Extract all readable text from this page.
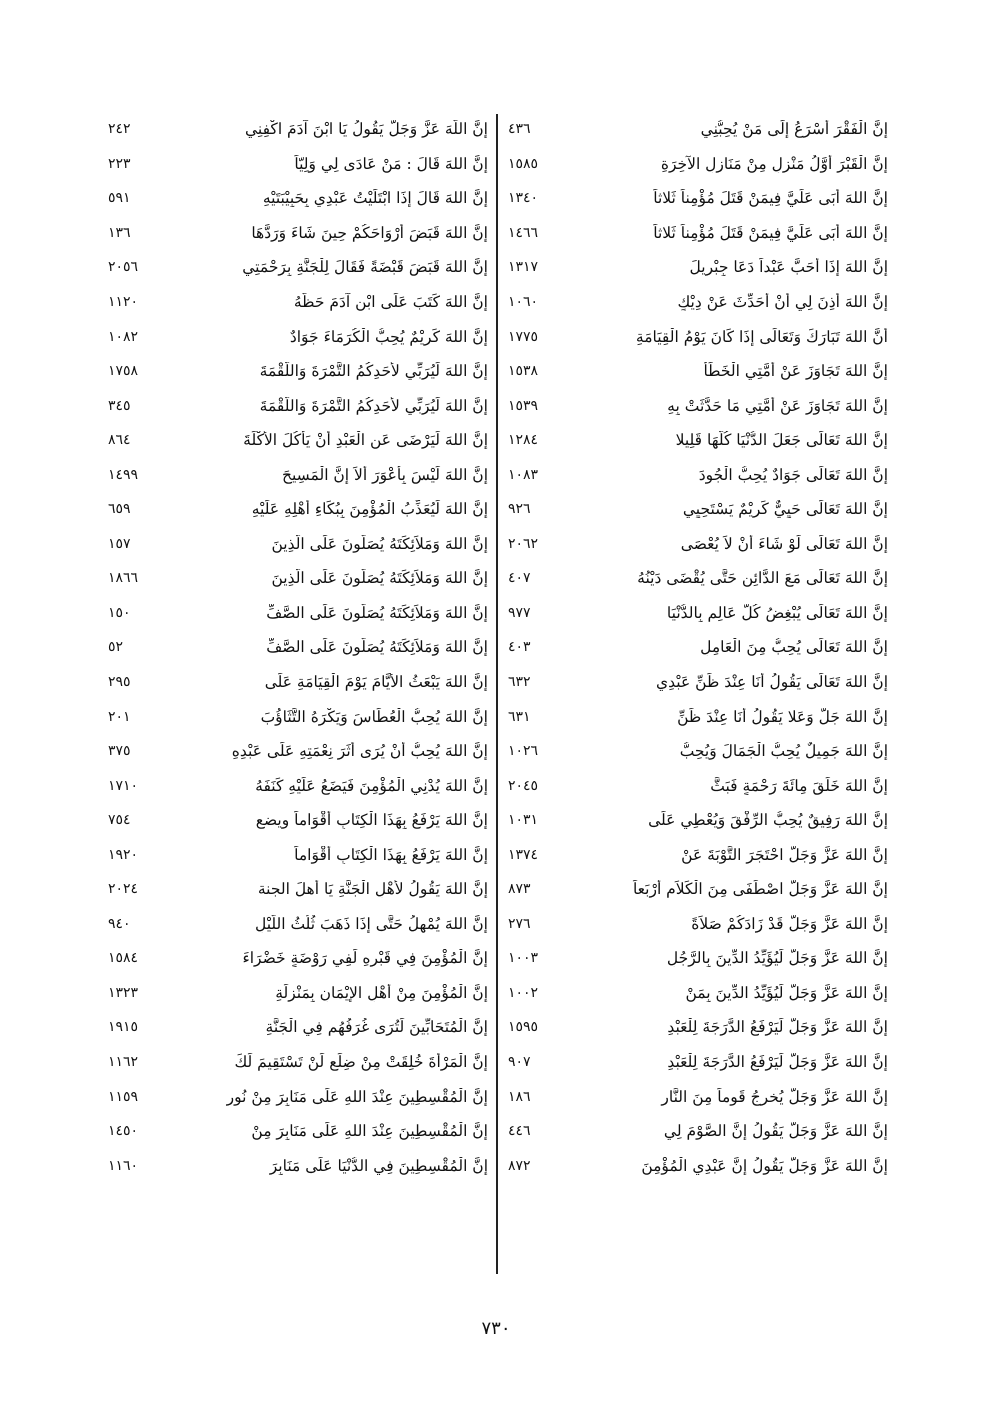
إنَّ الْفَقْرَ أَسْرَعُ إِلَى مَنْ يُحِبُّنِي
٤٣٦
إنَّ الْقَبْرَ أَوَّلُ مَنْزِلٍ مِنْ مَنَازِلِ الآخِرَةِ
١٥٨٥
إنَّ اللهَ أَبَى عَلَيَّ فِيمَنْ قَتَلَ مُؤْمِناً ثَلاثاً
١٣٤٠
إنَّ اللهَ أَبَى عَلَيَّ فِيمَنْ قَتَلَ مُؤْمِناً ثَلاثاً
١٤٦٦
إنَّ اللهَ إِذَا أَحَبَّ عَبْداً دَعَا جِبْرِيلَ
١٣١٧
إنَّ اللهَ أَذِنَ لِي أَنْ أُحَدِّثَ عَنْ دِيْكٍ
١٠٦٠
أَنَّ اللهَ تَبَارَكَ وَتَعَالَى إِذَا كَانَ يَوْمُ الْقِيَامَةِ
١٧٧٥
إنَّ اللهَ تَجَاوَزَ عَنْ أُمَّتِي الْخَطَأَ
١٥٣٨
إنَّ اللهَ تَجَاوَزَ عَنْ أُمَّتِي مَا حَدَّثَتْ بِهِ
١٥٣٩
إنَّ اللهَ تَعَالَى جَعَلَ الدُّنْيَا كُلَّهَا قَلِيلا
١٢٨٤
إنَّ اللهَ تَعَالَى جَوَادٌ يُحِبُّ الْجُودَ
١٠٨٣
إنَّ اللهَ تَعَالَى حَيِيٌّ كَرِيْمٌ يَسْتَحِيِي
٩٢٦
إنَّ اللهَ تَعَالَى لَوْ شَاءَ أَنْ لاَ يُعْصَى
٢٠٦٢
إنَّ اللهَ تَعَالَى مَعَ الدَّائِنِ حَتَّى يُقْضَى دَيْنُهُ
٤٠٧
إنَّ اللهَ تَعَالَى يُبْغِضُ كُلَّ عَالِمٍ بِالدُّنْيَا
٩٧٧
إنَّ اللهَ تَعَالَى يُحِبُّ مِنَ الْعَامِلِ
٤٠٣
إنَّ اللهَ تَعَالَى يَقُولُ أَنَا عِنْدَ ظَنِّ عَبْدِي
٦٣٢
إنَّ اللهَ جَلَّ وَعَلا يَقُولُ أَنَا عِنْدَ ظَنِّ
٦٣١
إنَّ اللهَ جَمِيلٌ يُحِبُّ الْجَمَالَ وَيُحِبُّ
١٠٢٦
إنَّ اللهَ خَلَقَ مِائَةَ رَحْمَةٍ فَبَثَّ
٢٠٤٥
إنَّ اللهَ رَفِيقٌ يُحِبُّ الرِّفْقَ وَيُعْطِي عَلَى
١٠٣١
إنَّ اللهَ عَزَّ وَجَلَّ احْتَجَرَ التَّوْبَةَ عَنْ
١٣٧٤
إنَّ اللهَ عَزَّ وَجَلَّ اصْطَفَى مِنَ الْكَلاَمِ أَرْبَعاً
٨٧٣
إنَّ اللهَ عَزَّ وَجَلَّ قَدْ زَادَكُمْ صَلاَةً
٢٧٦
إنَّ اللهَ عَزَّ وَجَلَّ لَيُؤَيِّدُ الدِّينَ بِالرَّجُلِ
١٠٠٣
إنَّ اللهَ عَزَّ وَجَلَّ لَيُؤَيِّدُ الدِّينَ بِمَنْ
١٠٠٢
إنَّ اللهَ عَزَّ وَجَلَّ لَيَرْفَعُ الدَّرَجَةَ لِلْعَبْدِ
١٥٩٥
إنَّ اللهَ عَزَّ وَجَلَّ لَيَرْفَعُ الدَّرَجَةَ لِلْعَبْدِ
٩٠٧
إنَّ اللهَ عَزَّ وَجَلَّ يُخرِجُ قَوماً مِنَ النَّارِ
١٨٦
إنَّ اللهَ عَزَّ وَجَلَّ يَقُولُ إِنَّ الصَّوْمَ لِي
٤٤٦
إنَّ اللهَ عَزَّ وَجَلَّ يَقُولُ إِنَّ عَبْدِي الْمُؤْمِنَ
٨٧٢
إنَّ اللَّهَ عَزَّ وَجَلَّ يَقُولُ يَا ابْنَ آدَمَ اكْفِنِي
٢٤٢
إنَّ اللهَ قَالَ : مَنْ عَادَى لِي وَلِيّاً
٢٢٣
إنَّ اللهَ قَالَ إِذَا ابْتَلَيْتُ عَبْدِي بِحَبِيْبَتَيْهِ
٥٩١
إنَّ اللهَ قَبَضَ أَرْوَاحَكُمْ حِينَ شَاءَ وَرَدَّهَا
١٣٦
إنَّ اللهَ قَبَضَ قَبْضَةً فَقَالَ لِلْجَنَّةِ بِرَحْمَتِي
٢٠٥٦
إنَّ اللهَ كَتَبَ عَلَى ابْنِ آدَمَ حَظَّهُ
١١٢٠
إنَّ اللهَ كَرِيْمٌ يُحِبُّ الْكُرَمَاءَ جَوَادٌ
١٠٨٢
إنَّ اللهَ لَيُرَبِّي لأَحَدِكُمُ التَّمْرَةَ وَاللُّقْمَةَ
١٧٥٨
إنَّ اللهَ لَيُرَبِّي لأَحَدِكُمُ التَّمْرَةَ وَاللُّقْمَةَ
٣٤٥
إنَّ اللهَ لَيَرْضَى عَنِ الْعَبْدِ أَنْ يَأْكُلَ الأَكْلَةَ
٨٦٤
إنَّ اللهَ لَيْسَ بِأَعْوَرَ أَلاَ إِنَّ الْمَسِيحَ
١٤٩٩
إنَّ اللهَ لَيُعَذِّبُ الْمُؤْمِنَ بِبُكَاءِ أَهْلِهِ عَلَيْهِ
٦٥٩
إنَّ اللهَ وَمَلاَئِكَتَهُ يُصَلُّونَ عَلَى الَّذِينَ
١٥٧
إنَّ اللهَ وَمَلاَئِكَتَهُ يُصَلُّونَ عَلَى الَّذِينَ
١٨٦٦
إنَّ اللهَ وَمَلاَئِكَتَهُ يُصَلُّونَ عَلَى الصَّفِّ
١٥٠
إنَّ اللهَ وَمَلاَئِكَتَهُ يُصَلُّونَ عَلَى الصَّفِّ
٥٢
إنَّ اللهَ يَبْعَثُ الأَيَّامَ يَوْمَ الْقِيَامَةِ عَلَى
٢٩٥
إنَّ اللهَ يُحِبُّ الْعُطَاسَ وَيَكْرَهُ التَّثَاؤُبَ
٢٠١
إنَّ اللهَ يُحِبُّ أَنْ يُرَى أَثَرَ نِعْمَتِهِ عَلَى عَبْدِهِ
٣٧٥
إنَّ اللهَ يُدْنِي الْمُؤْمِنَ فَيَضَعُ عَلَيْهِ كَنَفَهُ
١٧١٠
إنَّ اللهَ يَرْفَعُ بِهَذَا الْكِتَابِ أَقْوَاماً ويضع
٧٥٤
إنَّ اللهَ يَرْفَعُ بِهَذَا الْكِتَابِ أَقْوَاماً
١٩٢٠
إنَّ اللهَ يَقُولُ لأَهْلِ الْجَنَّةِ يَا أَهلَ الجنة
٢٠٢٤
إنَّ اللهَ يُمْهِلُ حَتَّى إِذَا ذَهَبَ ثُلُثُ اللَّيْلِ
٩٤٠
إنَّ الْمُؤْمِنَ فِي قَبْرِهِ لَفِي رَوْضَةٍ خَضْرَاءَ
١٥٨٤
إنَّ الْمُؤْمِنَ مِنْ أَهْلِ الإِيْمَانِ بِمَنْزِلَةِ
١٣٢٣
إنَّ الْمُتَحَابِّينَ لَتُرَى غُرَفُهُم فِي الْجَنَّةِ
١٩١٥
إنَّ الْمَرْأَةَ خُلِقَتْ مِنْ ضِلَعٍ لَنْ تَسْتَقِيمَ لَكَ
١١٦٢
إنَّ الْمُقْسِطِينَ عِنْدَ اللهِ عَلَى مَنَابِرَ مِنْ نُورٍ
١١٥٩
إنَّ الْمُقْسِطِينَ عِنْدَ اللهِ عَلَى مَنَابِرَ مِنْ
١٤٥٠
إنَّ الْمُقْسِطِينَ فِي الدُّنْيَا عَلَى مَنَابِرَ
١١٦٠
٧٣٠
